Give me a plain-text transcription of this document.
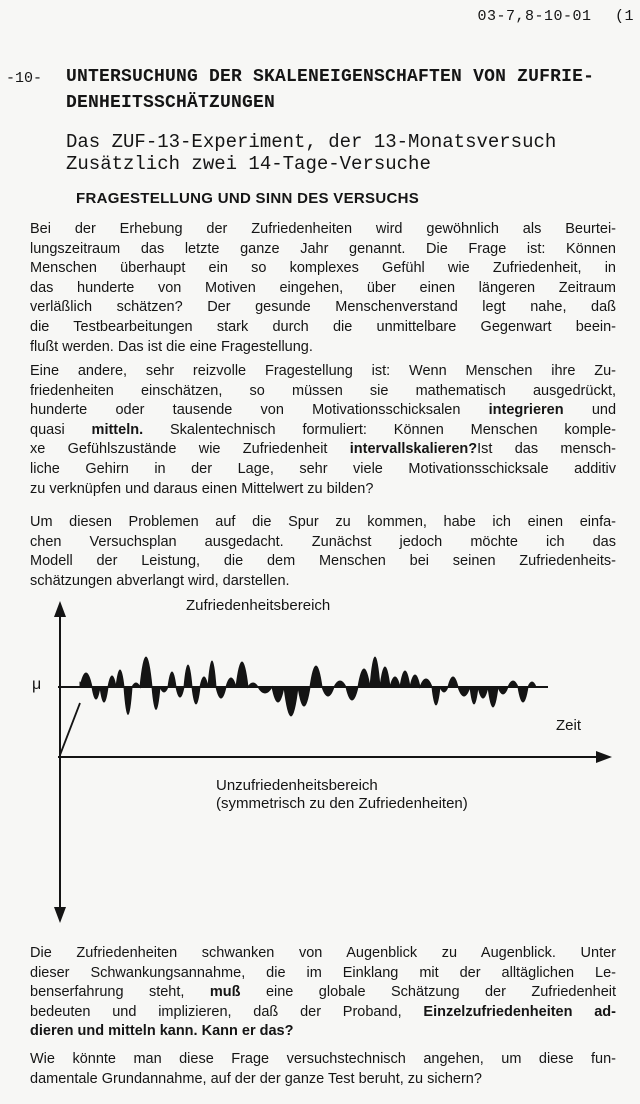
03-7,8-10-01 (1
-10- UNTERSUCHUNG DER SKALENEIGENSCHAFTEN VON ZUFRIE-
DENHEITSSCHÄTZUNGEN
Das ZUF-13-Experiment, der 13-Monatsversuch
Zusätzlich zwei 14-Tage-Versuche
FRAGESTELLUNG UND SINN DES VERSUCHS
Bei der Erhebung der Zufriedenheiten wird gewöhnlich als Beurtei-
lungszeitraum das letzte ganze Jahr genannt. Die Frage ist: Können
Menschen überhaupt ein so komplexes Gefühl wie Zufriedenheit, in
das hunderte von Motiven eingehen, über einen längeren Zeitraum
verläßlich schätzen? Der gesunde Menschenverstand legt nahe, daß
die Testbearbeitungen stark durch die unmittelbare Gegenwart beein-
flußt werden. Das ist die eine Fragestellung.
Eine andere, sehr reizvolle Fragestellung ist: Wenn Menschen ihre Zu-
friedenheiten einschätzen, so müssen sie mathematisch ausgedrückt,
hunderte oder tausende von Motivationsschicksalen integrieren und
quasi mitteln. Skalentechnisch formuliert: Können Menschen komple-
xe Gefühlszustände wie Zufriedenheit intervallskalieren?Ist das mensch-
liche Gehirn in der Lage, sehr viele Motivationsschicksale additiv
zu verknüpfen und daraus einen Mittelwert zu bilden?
Um diesen Problemen auf die Spur zu kommen, habe ich einen einfa-
chen Versuchsplan ausgedacht. Zunächst jedoch möchte ich das
Modell der Leistung, die dem Menschen bei seinen Zufriedenheits-
schätzungen abverlangt wird, darstellen.
Zufriedenheitsbereich
μ
Zeit
Unzufriedenheitsbereich
(symmetrisch zu den Zufriedenheiten)
Die Zufriedenheiten schwanken von Augenblick zu Augenblick. Unter
dieser Schwankungsannahme, die im Einklang mit der alltäglichen Le-
benserfahrung steht, muß eine globale Schätzung der Zufriedenheit
bedeuten und implizieren, daß der Proband, Einzelzufriedenheiten ad-
dieren und mitteln kann. Kann er das?
Wie könnte man diese Frage versuchstechnisch angehen, um diese fun-
damentale Grundannahme, auf der der ganze Test beruht, zu sichern?
